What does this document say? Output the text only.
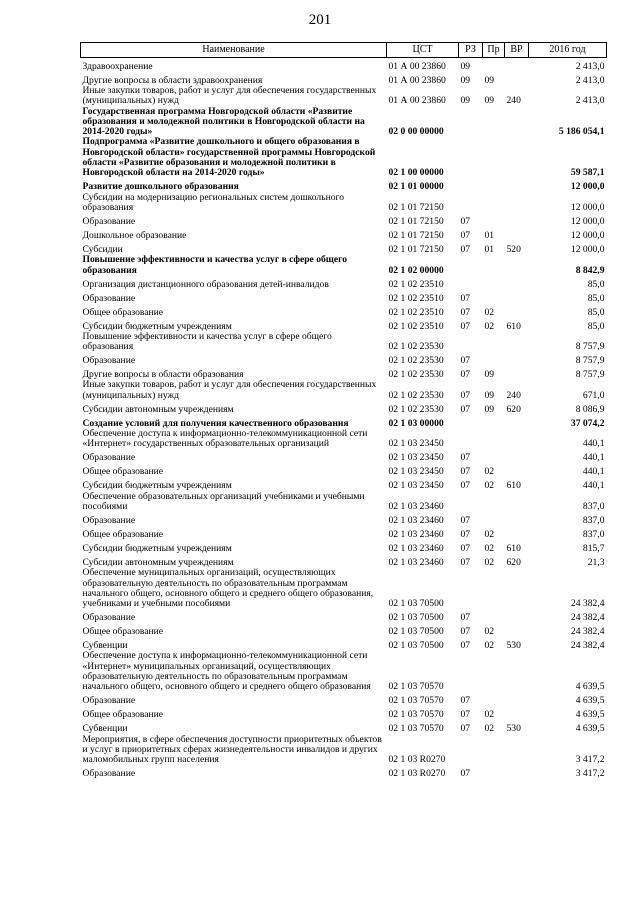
201
Наименование	ЦСТ	РЗ	Пр	ВР	2016 год
Здравоохранение	01 А 00 23860	09			2 413,0
Другие вопросы в области здравоохранения	01 А 00 23860	09	09		2 413,0
Иные закупки товаров, работ и услуг для обеспечения государственных (муниципальных) нужд	01 А 00 23860	09	09	240	2 413,0
Государственная программа Новгородской области «Развитие образования и молодежной политики в Новгородской области на 2014-2020 годы»	02 0 00 00000				5 186 054,1
Подпрограмма «Развитие дошкольного и общего образования в Новгородской области» государственной программы Новгородской области «Развитие образования и молодежной политики в Новгородской области на 2014-2020 годы»	02 1 00 00000				59 587,1
Развитие дошкольного образования	02 1 01 00000				12 000,0
Субсидии на модернизацию региональных систем дошкольного образования	02 1 01 72150				12 000,0
Образование	02 1 01 72150	07			12 000,0
Дошкольное образование	02 1 01 72150	07	01		12 000,0
Субсидии	02 1 01 72150	07	01	520	12 000,0
Повышение эффективности и качества услуг в сфере общего образования	02 1 02 00000				8 842,9
Организация дистанционного образования детей-инвалидов	02 1 02 23510				85,0
Образование	02 1 02 23510	07			85,0
Общее образование	02 1 02 23510	07	02		85,0
Субсидии бюджетным учреждениям	02 1 02 23510	07	02	610	85,0
Повышение эффективности и качества услуг в сфере общего образования	02 1 02 23530				8 757,9
Образование	02 1 02 23530	07			8 757,9
Другие вопросы в области образования	02 1 02 23530	07	09		8 757,9
Иные закупки товаров, работ и услуг для обеспечения государственных (муниципальных) нужд	02 1 02 23530	07	09	240	671,0
Субсидии автономным учреждениям	02 1 02 23530	07	09	620	8 086,9
Создание условий для получения качественного образования	02 1 03 00000				37 074,2
Обеспечение доступа к информационно-телекоммуникационной сети «Интернет» государственных образовательных организаций	02 1 03 23450				440,1
Образование	02 1 03 23450	07			440,1
Общее образование	02 1 03 23450	07	02		440,1
Субсидии бюджетным учреждениям	02 1 03 23450	07	02	610	440,1
Обеспечение образовательных организаций учебниками и учебными пособиями	02 1 03 23460				837,0
Образование	02 1 03 23460	07			837,0
Общее образование	02 1 03 23460	07	02		837,0
Субсидии бюджетным учреждениям	02 1 03 23460	07	02	610	815,7
Субсидии автономным учреждениям	02 1 03 23460	07	02	620	21,3
Обеспечение муниципальных организаций, осуществляющих образовательную деятельность по образовательным программам начального общего, основного общего и среднего общего образования, учебниками и учебными пособиями	02 1 03 70500				24 382,4
Образование	02 1 03 70500	07			24 382,4
Общее образование	02 1 03 70500	07	02		24 382,4
Субвенции	02 1 03 70500	07	02	530	24 382,4
Обеспечение доступа к информационно-телекоммуникационной сети «Интернет» муниципальных организаций, осуществляющих образовательную деятельность по образовательным программам начального общего, основного общего и среднего общего образования	02 1 03 70570				4 639,5
Образование	02 1 03 70570	07			4 639,5
Общее образование	02 1 03 70570	07	02		4 639,5
Субвенции	02 1 03 70570	07	02	530	4 639,5
Мероприятия, в сфере обеспечения доступности приоритетных объектов и услуг в приоритетных сферах жизнедеятельности инвалидов и других маломобильных групп населения	02 1 03 R0270				3 417,2
Образование	02 1 03 R0270	07			3 417,2
